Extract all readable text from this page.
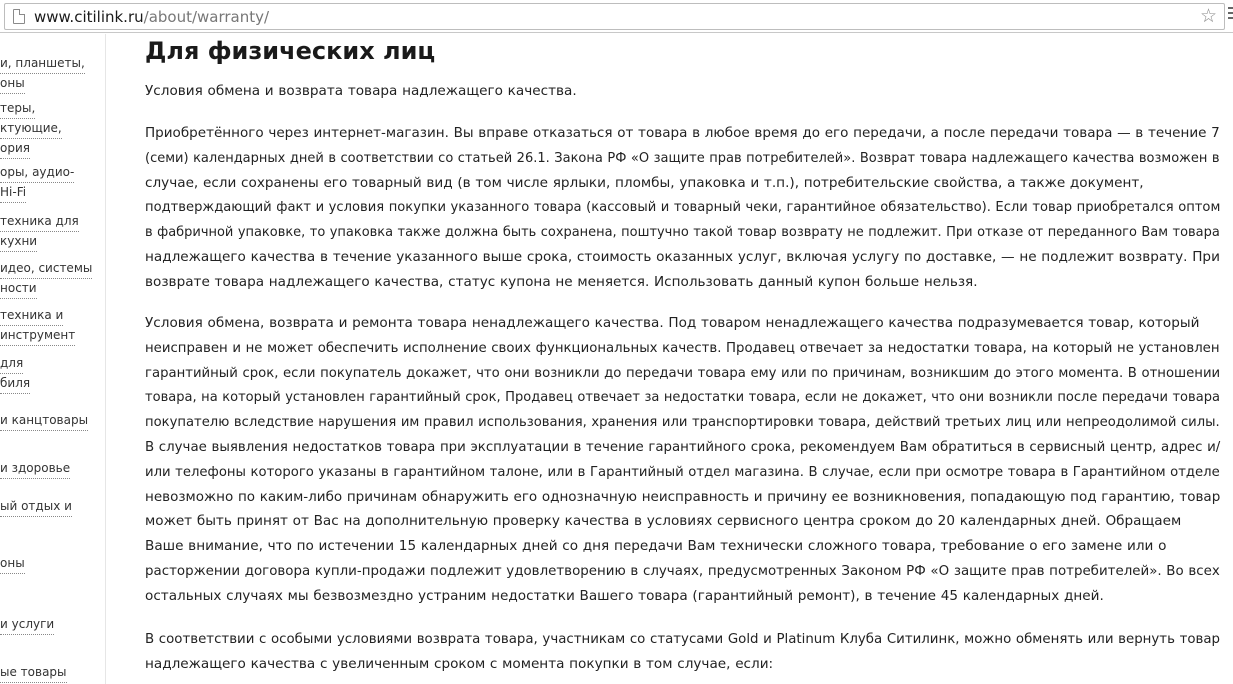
www.citilink.ru/about/warranty/	☆
и, планшеты,
оны
теры,
ктующие,
ория
оры, аудио-
Hi-Fi
техника для
кухни
идео, системы
ности
техника и
инструмент
для
биля
и канцтовары
и здоровье
ый отдых и
оны
и услуги
ые товары
Для физических лиц
Условия обмена и возврата товара надлежащего качества.
Приобретённого через интернет-магазин. Вы вправе отказаться от товара в любое время до его передачи, а после передачи товара — в течение 7
(семи) календарных дней в соответствии со статьей 26.1. Закона РФ «О защите прав потребителей». Возврат товара надлежащего качества возможен в
случае, если сохранены его товарный вид (в том числе ярлыки, пломбы, упаковка и т.п.), потребительские свойства, а также документ,
подтверждающий факт и условия покупки указанного товара (кассовый и товарный чеки, гарантийное обязательство). Если товар приобретался оптом
в фабричной упаковке, то упаковка также должна быть сохранена, поштучно такой товар возврату не подлежит. При отказе от переданного Вам товара
надлежащего качества в течение указанного выше срока, стоимость оказанных услуг, включая услугу по доставке, — не подлежит возврату. При
возврате товара надлежащего качества, статус купона не меняется. Использовать данный купон больше нельзя.
Условия обмена, возврата и ремонта товара ненадлежащего качества. Под товаром ненадлежащего качества подразумевается товар, который
неисправен и не может обеспечить исполнение своих функциональных качеств. Продавец отвечает за недостатки товара, на который не установлен
гарантийный срок, если покупатель докажет, что они возникли до передачи товара ему или по причинам, возникшим до этого момента. В отношении
товара, на который установлен гарантийный срок, Продавец отвечает за недостатки товара, если не докажет, что они возникли после передачи товара
покупателю вследствие нарушения им правил использования, хранения или транспортировки товара, действий третьих лиц или непреодолимой силы.
В случае выявления недостатков товара при эксплуатации в течение гарантийного срока, рекомендуем Вам обратиться в сервисный центр, адрес и/
или телефоны которого указаны в гарантийном талоне, или в Гарантийный отдел магазина. В случае, если при осмотре товара в Гарантийном отделе
невозможно по каким-либо причинам обнаружить его однозначную неисправность и причину ее возникновения, попадающую под гарантию, товар
может быть принят от Вас на дополнительную проверку качества в условиях сервисного центра сроком до 20 календарных дней. Обращаем
Ваше внимание, что по истечении 15 календарных дней со дня передачи Вам технически сложного товара, требование о его замене или о
расторжении договора купли-продажи подлежит удовлетворению в случаях, предусмотренных Законом РФ «О защите прав потребителей». Во всех
остальных случаях мы безвозмездно устраним недостатки Вашего товара (гарантийный ремонт), в течение 45 календарных дней.
В соответствии с особыми условиями возврата товара, участникам со статусами Gold и Platinum Клуба Ситилинк, можно обменять или вернуть товар
надлежащего качества с увеличенным сроком с момента покупки в том случае, если:
